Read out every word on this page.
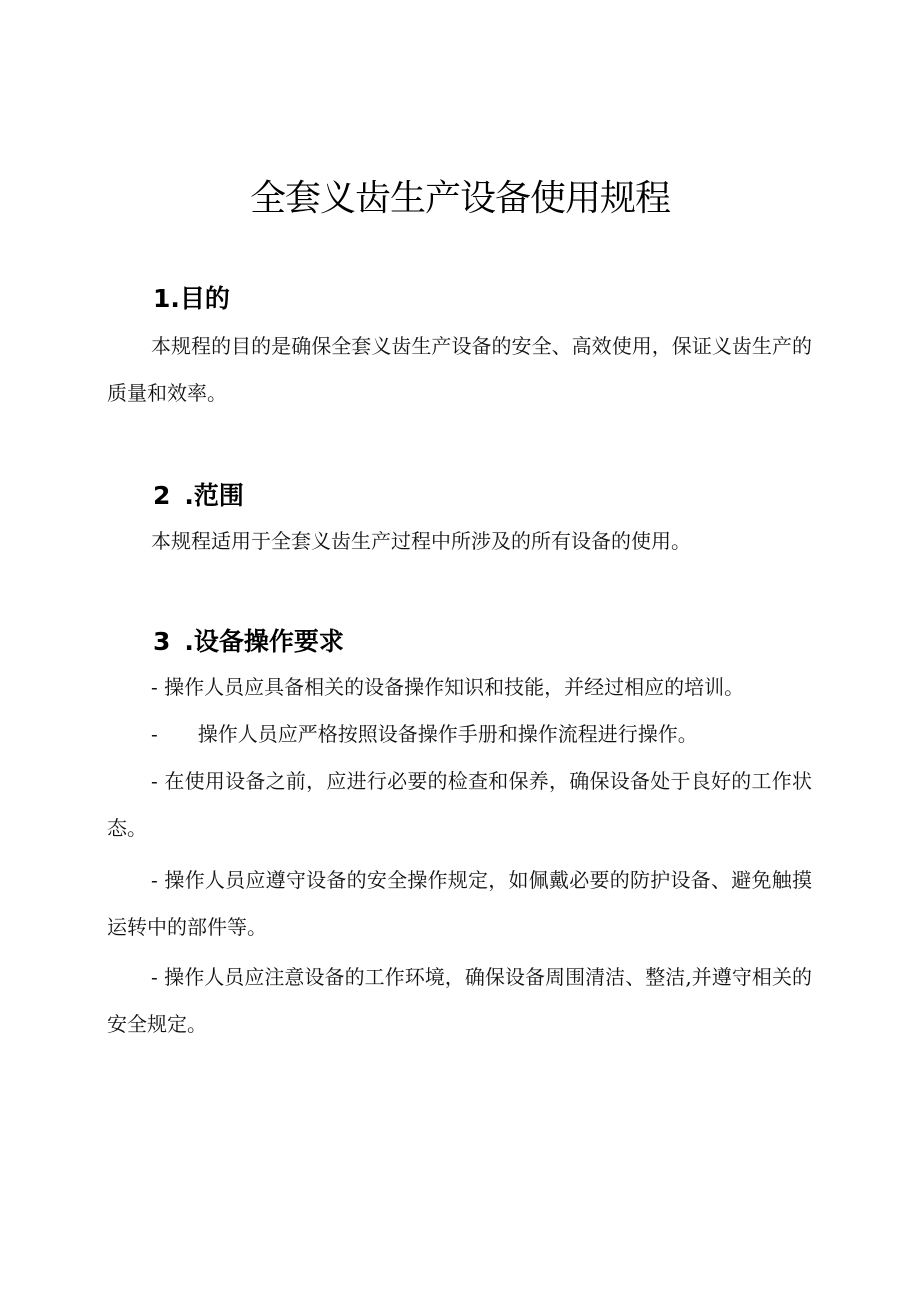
全套义齿生产设备使用规程
1.目的

本规程的目的是确保全套义齿生产设备的安全、高效使用，保证义齿生产的质量和效率。

2 .范围

本规程适用于全套义齿生产过程中所涉及的所有设备的使用。

3 .设备操作要求

- 操作人员应具备相关的设备操作知识和技能，并经过相应的培训。

- 操作人员应严格按照设备操作手册和操作流程进行操作。

- 在使用设备之前，应进行必要的检查和保养，确保设备处于良好的工作状态。

- 操作人员应遵守设备的安全操作规定，如佩戴必要的防护设备、避免触摸运转中的部件等。

- 操作人员应注意设备的工作环境，确保设备周围清洁、整洁,并遵守相关的安全规定。
